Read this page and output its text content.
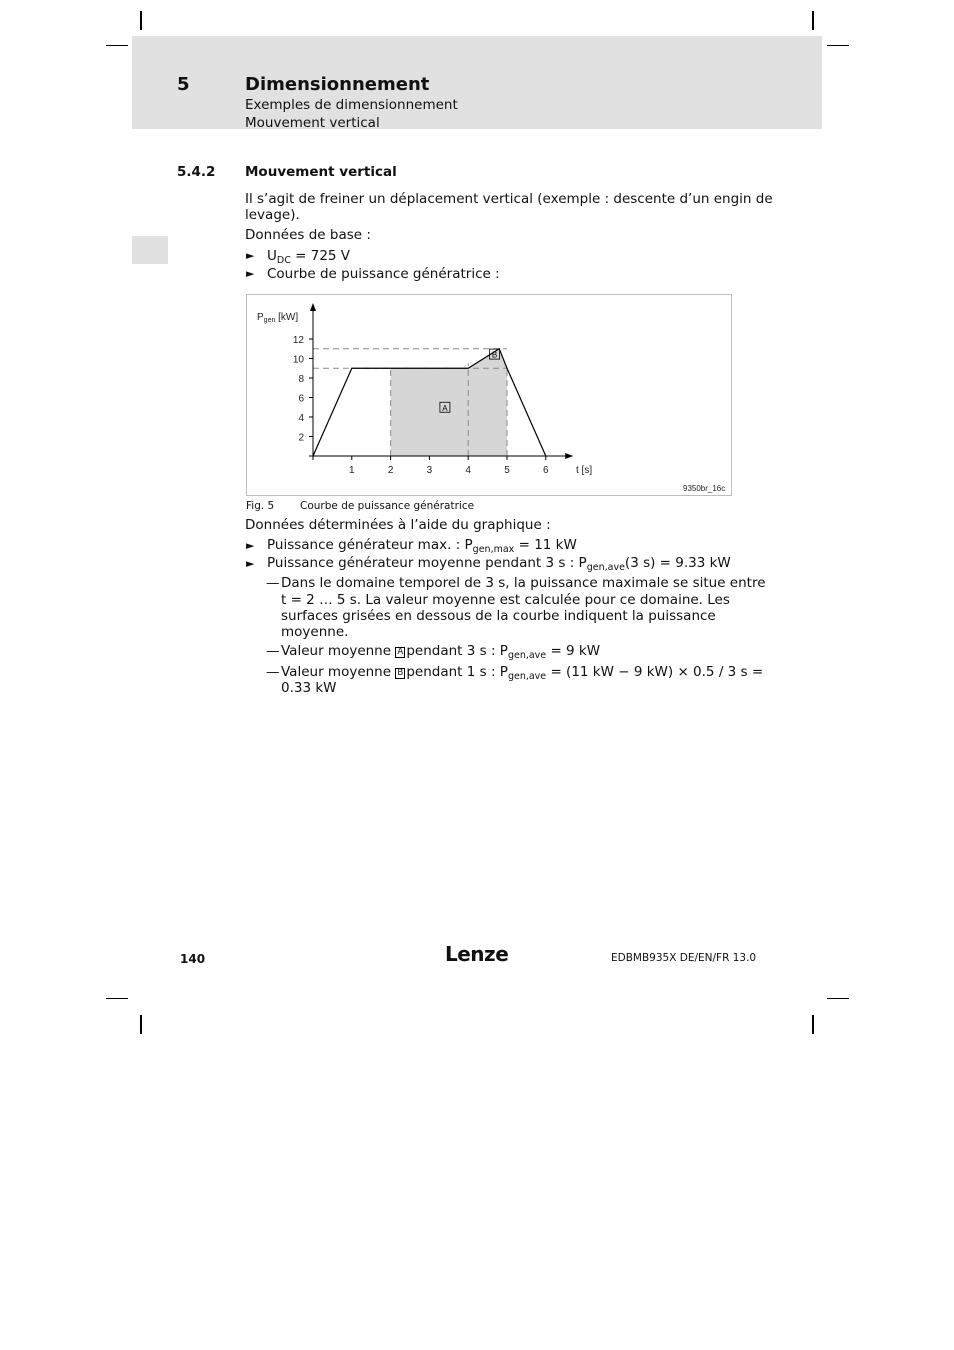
5	Dimensionnement
Exemples de dimensionnement
Mouvement vertical
5.4.2 Mouvement vertical
Il s’agit de freiner un déplacement vertical (exemple : descente d’un engin de
levage).
Données de base :
► $U_{DC} = 725$ V
► Courbe de puissance génératrice :
1	2	3	4	5	6
2
4
6
8
10
12
A
B
$P_{gen}$ [kW]
t [s]
9350br_16c
Fig. 5 Courbe de puissance génératrice
Données déterminées à l’aide du graphique :
► Puissance générateur max. : $P_{gen,max} = 11$ kW
► Puissance générateur moyenne pendant 3 s : $P_{gen,ave}(3$ s) = 9.33 kW
— Dans le domaine temporel de 3 s, la puissance maximale se situe entre
t = 2 … 5 s. La valeur moyenne est calculée pour ce domaine. Les
surfaces grisées en dessous de la courbe indiquent la puissance
moyenne.
— Valeur moyenne A pendant 3 s : $P_{gen,ave} = 9$ kW
— Valeur moyenne B pendant 1 s : $P_{gen,ave} = (11$ kW − 9 kW) × 0.5 / 3 s =
0.33 kW
140	Lenze	EDBMB935X DE/EN/FR 13.0
